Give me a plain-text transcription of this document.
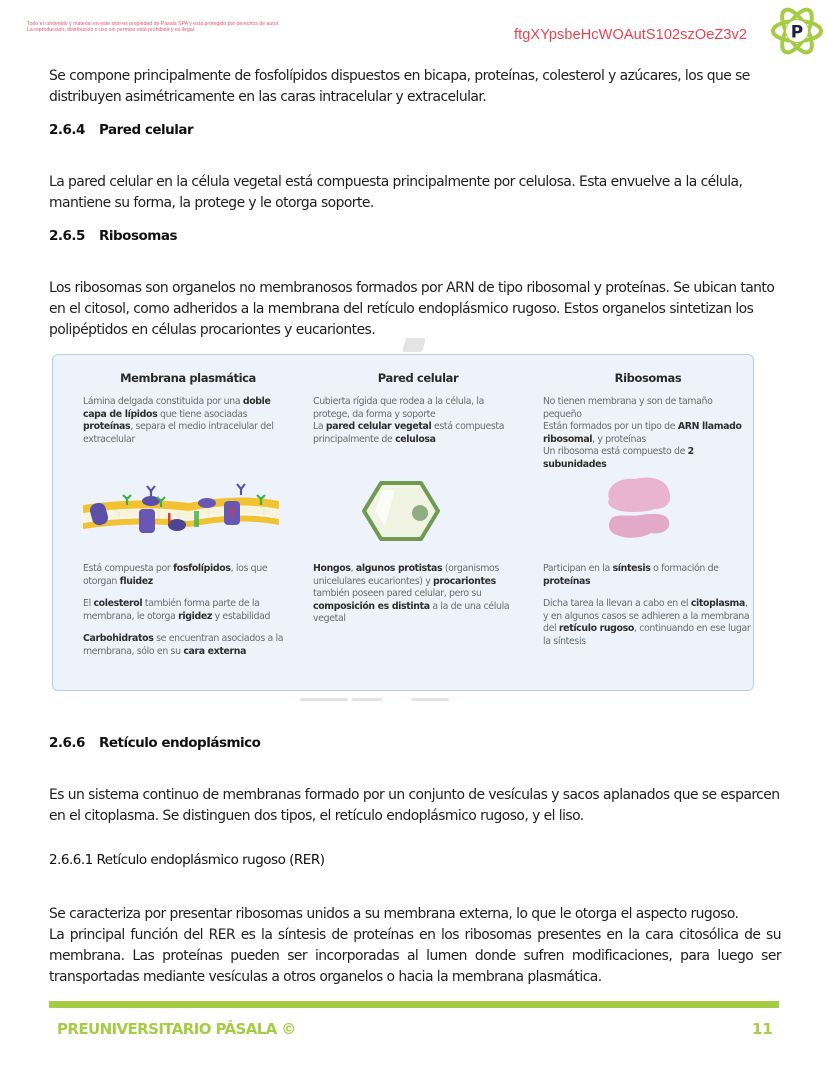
Todo el contenido y material en este sitio es propiedad de Pásala SPA y está protegido por derechos de autor.
La reproducción, distribución o uso sin permiso está prohibida y es ilegal	ftgXYpsbeHcWOAutS102szOeZ3v2	P
Se compone principalmente de fosfolípidos dispuestos en bicapa, proteínas, colesterol y azúcares, los que se distribuyen asimétricamente en las caras intracelular y extracelular.
2.6.4 Pared celular
La pared celular en la célula vegetal está compuesta principalmente por celulosa. Esta envuelve a la célula, mantiene su forma, la protege y le otorga soporte.
2.6.5 Ribosomas
Los ribosomas son organelos no membranosos formados por ARN de tipo ribosomal y proteínas. Se ubican tanto en el citosol, como adheridos a la membrana del retículo endoplásmico rugoso. Estos organelos sintetizan los polipéptidos en células procariontes y eucariontes.
Membrana plasmática
Lámina delgada constituida por una doble capa de lípidos que tiene asociadas proteínas, separa el medio intracelular del extracelular
Pared celular
Cubierta rígida que rodea a la célula, la protege, da forma y soporte
La pared celular vegetal está compuesta principalmente de celulosa
Ribosomas
No tienen membrana y son de tamaño pequeño
Están formados por un tipo de ARN llamado ribosomal, y proteínas
Un ribosoma está compuesto de 2 subunidades

Está compuesta por fosfolípidos, los que otorgan fluidez

El colesterol también forma parte de la membrana, le otorga rigidez y estabilidad

Carbohidratos se encuentran asociados a la membrana, sólo en su cara externa

Hongos, algunos protistas (organismos unicelulares eucariontes) y procariontes también poseen pared celular, pero su composición es distinta a la de una célula vegetal

Participan en la síntesis o formación de proteínas

Dicha tarea la llevan a cabo en el citoplasma, y en algunos casos se adhieren a la membrana del retículo rugoso, continuando en ese lugar la síntesis

2.6.6 Retículo endoplásmico
Es un sistema continuo de membranas formado por un conjunto de vesículas y sacos aplanados que se esparcen en el citoplasma. Se distinguen dos tipos, el retículo endoplásmico rugoso, y el liso.
2.6.6.1 Retículo endoplásmico rugoso (RER)
Se caracteriza por presentar ribosomas unidos a su membrana externa, lo que le otorga el aspecto rugoso.
La principal función del RER es la síntesis de proteínas en los ribosomas presentes en la cara citosólica de su membrana. Las proteínas pueden ser incorporadas al lumen donde sufren modificaciones, para luego ser transportadas mediante vesículas a otros organelos o hacia la membrana plasmática.
PREUNIVERSITARIO PÁSALA ©	11
